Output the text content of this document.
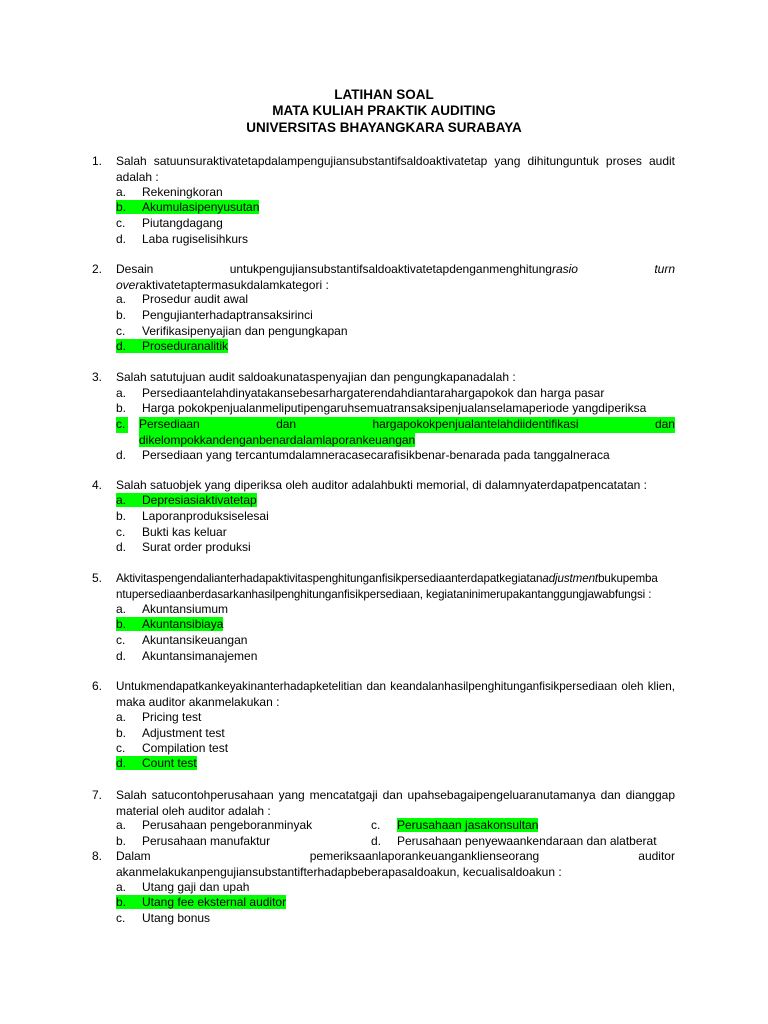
LATIHAN SOAL
MATA KULIAH PRAKTIK AUDITING
UNIVERSITAS BHAYANGKARA SURABAYA
1. Salah satuunsuraktivatetapdalampengujiansubstantifsaldoaktivatetap yang dihitunguntuk proses audit
adalah :
a. Rekeningkoran
b. Akumulasipenyusutan
c. Piutangdagang
d. Laba rugiselisihkurs
2. Desain	untukpengujiansubstantifsaldoaktivatetapdenganmenghitungrasio	turn
overaktivatetaptermasukdalamkategori :
a. Prosedur audit awal
b. Pengujianterhadaptransaksirinci
c. Verifikasipenyajian dan pengungkapan
d. Proseduranalitik
3. Salah satutujuan audit saldoakunataspenyajian dan pengungkapanadalah :
a. Persediaantelahdinyatakansebesarhargaterendahdiantarahargapokok dan harga pasar
b. Harga pokokpenjualanmeliputipengaruhsemuatransaksipenjualanselamaperiode yangdiperiksa
c. Persediaan	dan	hargapokokpenjualantelahdiidentifikasi	dan
dikelompokkandenganbenardalamlaporankeuangan
d. Persediaan yang tercantumdalamneracasecarafisikbenar-benarada pada tanggalneraca
4. Salah satuobjek yang diperiksa oleh auditor adalahbukti memorial, di dalamnyaterdapatpencatatan :
a. Depresiasiaktivatetap
b. Laporanproduksiselesai
c. Bukti kas keluar
d. Surat order produksi
5. Aktivitaspengendalianterhadapaktivitaspenghitunganfisikpersediaanterdapatkegiatanadjustmentbukupemba
ntupersediaanberdasarkanhasilpenghitunganfisikpersediaan, kegiataninimerupakantanggungjawabfungsi :
a. Akuntansiumum
b. Akuntansibiaya
c. Akuntansikeuangan
d. Akuntansimanajemen
6. Untukmendapatkankeyakinanterhadapketelitian dan keandalanhasilpenghitunganfisikpersediaan oleh klien,
maka auditor akanmelakukan :
a. Pricing test
b. Adjustment test
c. Compilation test
d. Count test
7. Salah satucontohperusahaan yang mencatatgaji dan upahsebagaipengeluaranutamanya dan dianggap
material oleh auditor adalah :
a. Perusahaan pengeboranminyak
b. Perusahaan manufaktur
c. Perusahaan jasakonsultan
d. Perusahaan penyewaankendaraan dan alatberat
8. Dalam	pemeriksaanlaporankeuanganklienseorang	auditor
akanmelakukanpengujiansubstantifterhadapbeberapasaldoakun, kecualisaldoakun :
a. Utang gaji dan upah
b. Utang fee eksternal auditor
c. Utang bonus
